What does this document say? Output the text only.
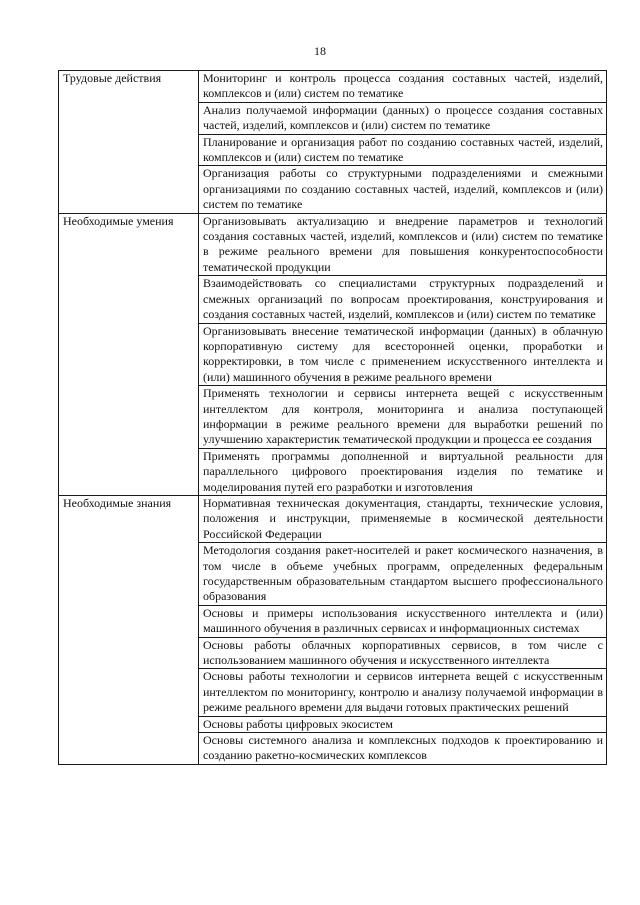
18
Трудовые действия	Мониторинг и контроль процесса создания составных частей, изделий, комплексов и (или) систем по тематике
	Анализ получаемой информации (данных) о процессе создания составных частей, изделий, комплексов и (или) систем по тематике
	Планирование и организация работ по созданию составных частей, изделий, комплексов и (или) систем по тематике
	Организация работы со структурными подразделениями и смежными организациями по созданию составных частей, изделий, комплексов и (или) систем по тематике
Необходимые умения	Организовывать актуализацию и внедрение параметров и технологий создания составных частей, изделий, комплексов и (или) систем по тематике в режиме реального времени для повышения конкурентоспособности тематической продукции
	Взаимодействовать со специалистами структурных подразделений и смежных организаций по вопросам проектирования, конструирования и создания составных частей, изделий, комплексов и (или) систем по тематике
	Организовывать внесение тематической информации (данных) в облачную корпоративную систему для всесторонней оценки, проработки и корректировки, в том числе с применением искусственного интеллекта и (или) машинного обучения в режиме реального времени
	Применять технологии и сервисы интернета вещей с искусственным интеллектом для контроля, мониторинга и анализа поступающей информации в режиме реального времени для выработки решений по улучшению характеристик тематической продукции и процесса ее создания
	Применять программы дополненной и виртуальной реальности для параллельного цифрового проектирования изделия по тематике и моделирования путей его разработки и изготовления
Необходимые знания	Нормативная техническая документация, стандарты, технические условия, положения и инструкции, применяемые в космической деятельности Российской Федерации
	Методология создания ракет-носителей и ракет космического назначения, в том числе в объеме учебных программ, определенных федеральным государственным образовательным стандартом высшего профессионального образования
	Основы и примеры использования искусственного интеллекта и (или) машинного обучения в различных сервисах и информационных системах
	Основы работы облачных корпоративных сервисов, в том числе с использованием машинного обучения и искусственного интеллекта
	Основы работы технологии и сервисов интернета вещей с искусственным интеллектом по мониторингу, контролю и анализу получаемой информации в режиме реального времени для выдачи готовых практических решений
	Основы работы цифровых экосистем
	Основы системного анализа и комплексных подходов к проектированию и созданию ракетно-космических комплексов
